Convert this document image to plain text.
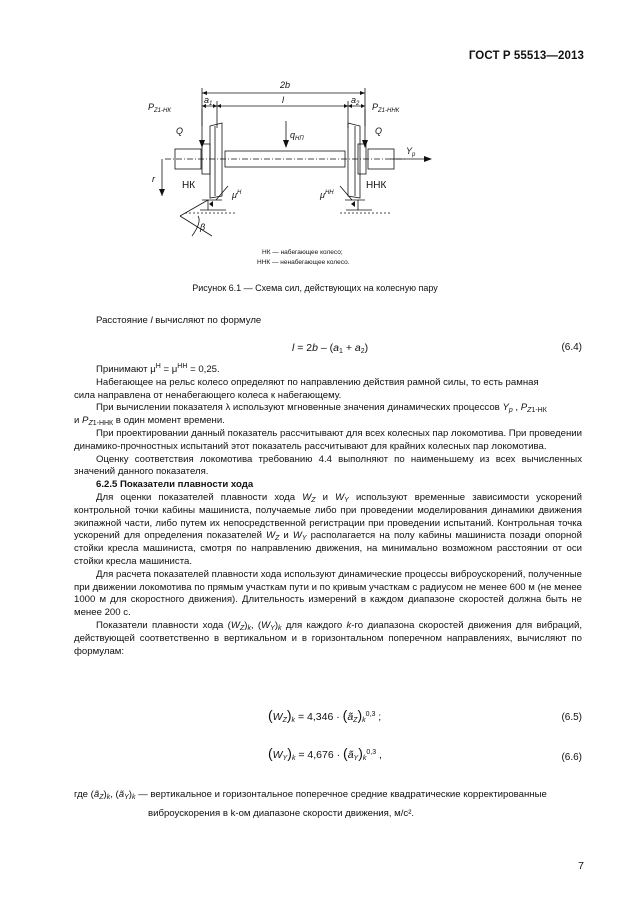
ГОСТ Р 55513—2013
2b
$a_1$	l	$a_2$
$P_{Z1-НК}$	$P_{Z1-ННК}$
Q	Q
$q_{НП}$
$Y_p$
r
НК	ННК
$\mu^Н$	$\mu^{НН}$
β
НК — набегающее колесо;
ННК — ненабегающее колесо.
Рисунок 6.1 — Схема сил, действующих на колесную пару
Расстояние l вычисляют по формуле
$l = 2b - (a_1 + a_2)$	(6.4)
Принимают $\mu^Н = \mu^{НН} = 0,25$.
Набегающее на рельс колесо определяют по направлению действия рамной силы, то есть рамная
сила направлена от ненабегающего колеса к набегающему.
При вычислении показателя λ используют мгновенные значения динамических процессов $Y_p$ , $P_{Z1-НК}$
и $P_{Z1-ННК}$ в один момент времени.
При проектировании данный показатель рассчитывают для всех колесных пар локомотива. При проведении динамико-прочностных испытаний этот показатель рассчитывают для крайних колесных пар локомотива.
Оценку соответствия локомотива требованию 4.4 выполняют по наименьшему из всех вычисленных значений данного показателя.
6.2.5 Показатели плавности хода
Для оценки показателей плавности хода $W_Z$ и $W_Y$ используют временные зависимости ускорений контрольной точки кабины машиниста, получаемые либо при проведении моделирования динамики движения экипажной части, либо путем их непосредственной регистрации при проведении испытаний. Контрольная точка ускорений для определения показателей $W_Z$ и $W_Y$ располагается на полу кабины машиниста позади опорной стойки кресла машиниста, смотря по направлению движения, на минимально возможном расстоянии от оси стойки кресла машиниста.
Для расчета показателей плавности хода используют динамические процессы виброускорений, полученные при движении локомотива по прямым участкам пути и по кривым участкам с радиусом не менее 600 м (не менее 1000 м для скоростного движения). Длительность измерений в каждом диапазоне скоростей должна быть не менее 200 с.
Показатели плавности хода $(W_Z)_k$, $(W_Y)_k$ для каждого k-го диапазона скоростей движения для вибраций, действующей соответственно в вертикальном и в горизонтальном поперечном направлениях, вычисляют по формулам:
$(W_Z)_k = 4,346$ · $(ã_Z)_k^{0,3}$ ;	(6.5)
$(W_Y)_k = 4,676$ · $(ã_Y)_k^{0,3}$ ,	(6.6)
где $(ã_Z)_k$, $(ã_Y)_k$ — вертикальное и горизонтальное поперечное средние квадратические корректированные
виброускорения в k-ом диапазоне скорости движения, м/с².
7
